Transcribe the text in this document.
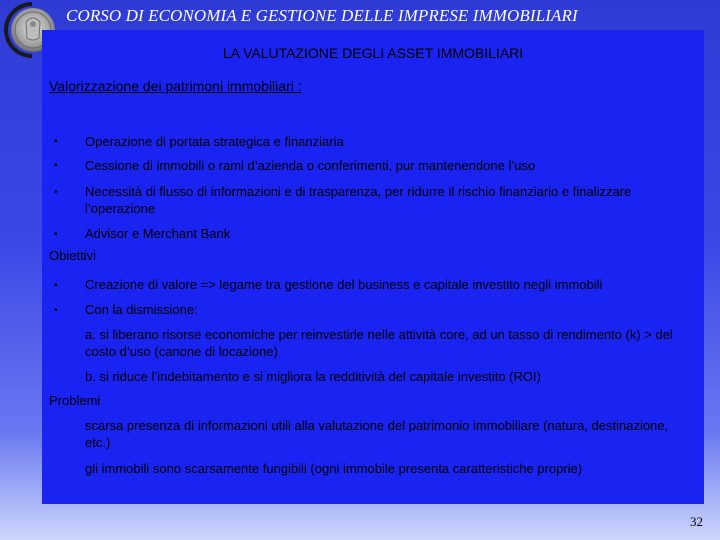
CORSO DI ECONOMIA E GESTIONE DELLE IMPRESE IMMOBILIARI
LA VALUTAZIONE DEGLI ASSET IMMOBILIARI
Valorizzazione dei patrimoni immobiliari :
• Operazione di portata strategica e finanziaria
• Cessione di immobili o rami d’azienda o conferimenti, pur mantenendone l’uso
• Necessità di flusso di informazioni e di trasparenza, per ridurre il rischio finanziario e finalizzare l’operazione
• Advisor e Merchant Bank
Obiettivi
• Creazione di valore => legame tra gestione del business e capitale investito negli immobili
• Con la dismissione:
a. si liberano risorse economiche per reinvestirle nelle attività core, ad un tasso di rendimento (k) > del costo d’uso (canone di locazione)
b. si riduce l’indebitamento e si migliora la redditività del capitale investito (ROI)
Problemi
scarsa presenza di informazioni utili alla valutazione del patrimonio immobiliare (natura, destinazione, etc.)
gli immobili sono scarsamente fungibili (ogni immobile presenta caratteristiche proprie)
32
